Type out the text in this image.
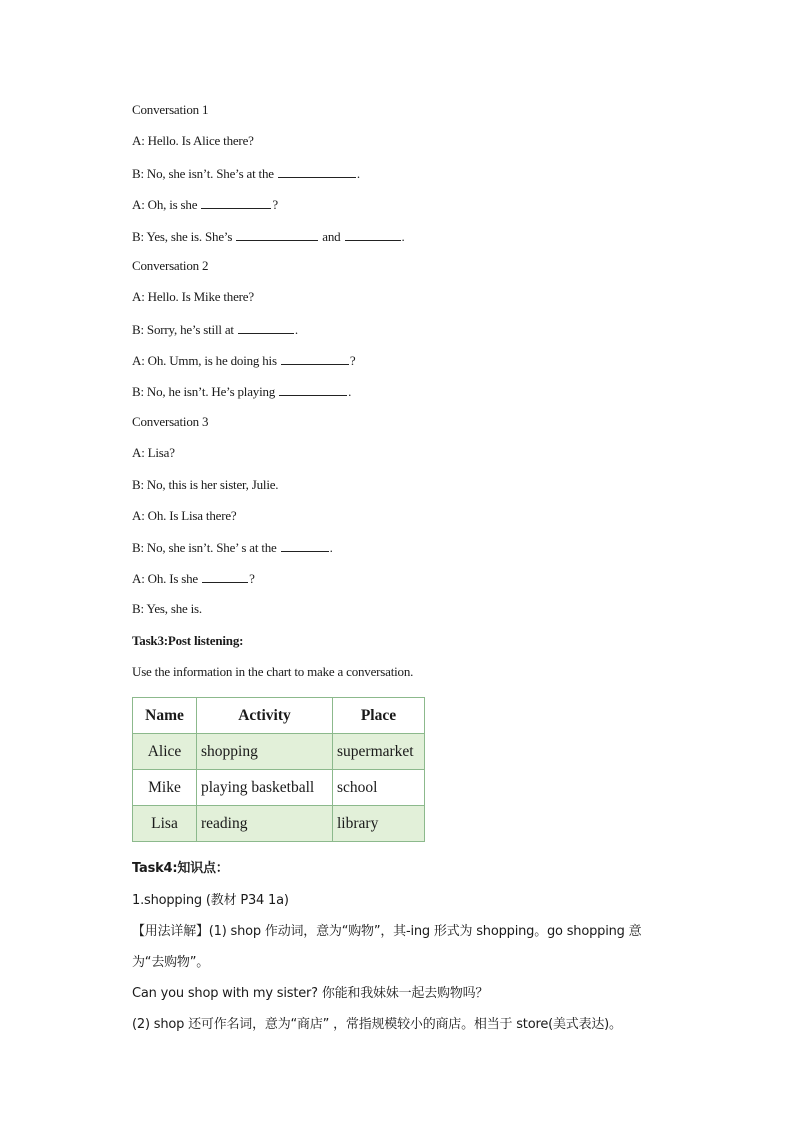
Conversation 1
A: Hello. Is Alice there?
B: No, she isn’t. She’s at the	.
A: Oh, is she	?
B: Yes, she is. She’s	and	.
Conversation 2
A: Hello. Is Mike there?
B: Sorry, he’s still at	.
A: Oh. Umm, is he doing his	?
B: No, he isn’t. He’s playing	.
Conversation 3
A: Lisa?
B: No, this is her sister, Julie.
A: Oh. Is Lisa there?
B: No, she isn’t. She’ s at the	.
A: Oh. Is she	?
B: Yes, she is.
Task3:Post listening:
Use the information in the chart to make a conversation.
Name	Activity	Place
Alice	shopping	supermarket
Mike	playing basketball	school
Lisa	reading	library
Task4:知识点：
1.shopping (教材 P34 1a)
【用法详解】(1) shop 作动词，意为“购物”，其-ing 形式为 shopping。go shopping 意
为“去购物”。
Can you shop with my sister? 你能和我妹妹一起去购物吗？
(2) shop 还可作名词，意为“商店” ，常指规模较小的商店。相当于 store(美式表达)。
